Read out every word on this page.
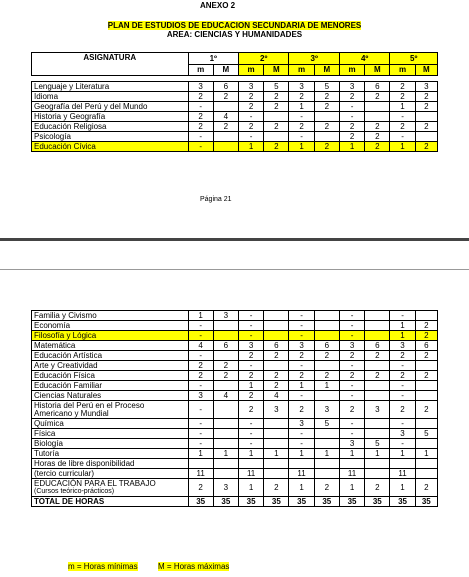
ANEXO 2
PLAN DE ESTUDIOS DE EDUCACION SECUNDARIA DE MENORES
AREA: CIENCIAS Y HUMANIDADES
ASIGNATURA	1º		2º		3º		4º		5º	
	m	M	m	M	m	M	m	M	m	M

Lenguaje y Literatura	3	6	3	5	3	5	3	6	2	3
Idioma	2	2	2	2	2	2	2	2	2	2
Geografía del Perú y del Mundo	-		2	2	1	2	-		1	2
Historia y Geografía	2	4	-		-		-		-	
Educación Religiosa	2	2	2	2	2	2	2	2	2	2
Psicología	-		-		-		2	2	-	
Educación Cívica	-		1	2	1	2	1	2	1	2
Página 21
Familia y Civismo	1	3	-		-		-		-	
Economía	-		-		-		-		1	2
Filosofía y Lógica	-		-		-		-		1	2
Matemática	4	6	3	6	3	6	3	6	3	6
Educación Artística	-		2	2	2	2	2	2	2	2
Arte y Creatividad	2	2	-		-		-		-	
Educación Física	2	2	2	2	2	2	2	2	2	2
Educación Familiar	-		1	2	1	1	-		-	
Ciencias Naturales	3	4	2	4	-		-		-	

Historia del Perú en el Proceso
Americano y Mundial	-		2	3	2	3	2	3	2	2
Química	-		-		3	5	-		-	
Física	-		-		-		-		3	5
Biología	-		-		-		3	5	-	
Tutoría	1	1	1	1	1	1	1	1	1	1
Horas de libre disponibilidad										
(tercio curricular)	11		11		11		11		11	

EDUCACIÓN PARA EL TRABAJO
(Cursos teórico-prácticos)	2	3	1	2	1	2	1	2	1	2
TOTAL DE HORAS	35	35	35	35	35	35	35	35	35	35
m = Horas mínimas	M = Horas máximas
